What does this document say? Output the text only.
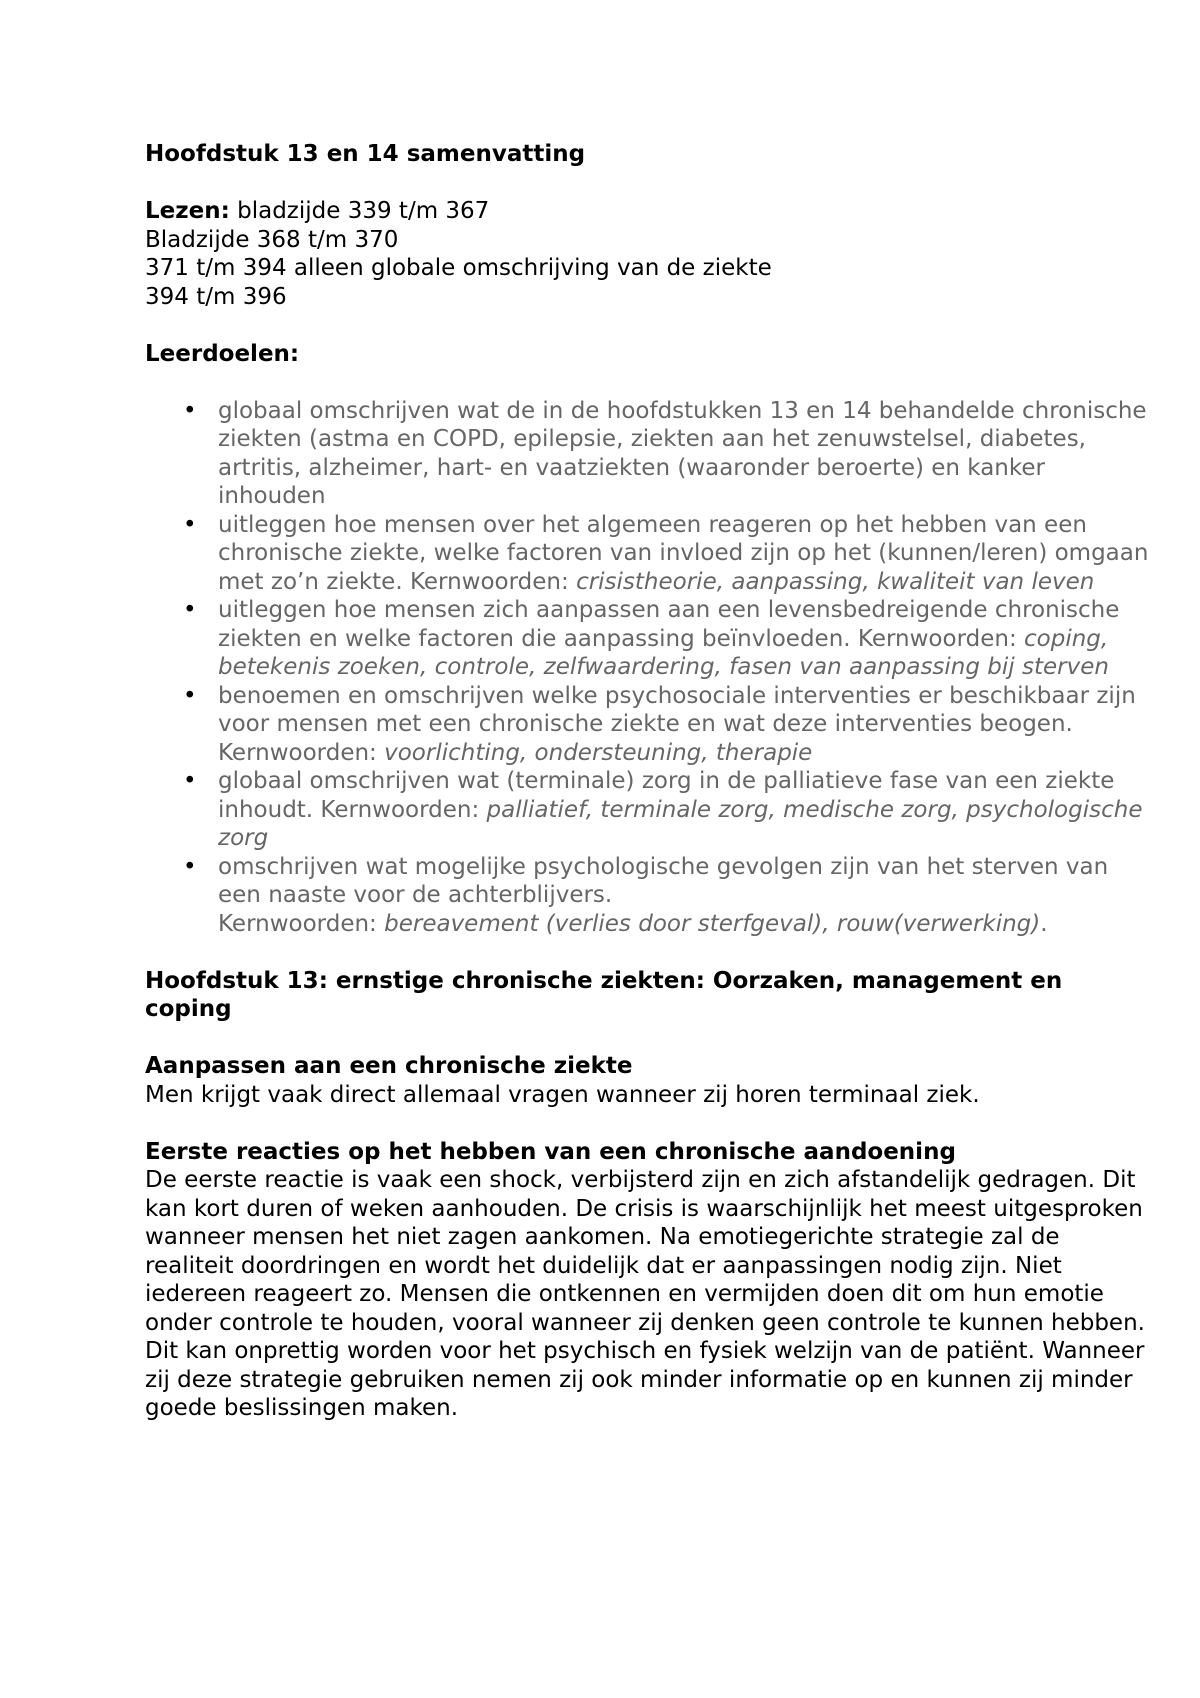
Hoofdstuk 13 en 14 samenvatting

Lezen: bladzijde 339 t/m 367

Bladzijde 368 t/m 370

371 t/m 394 alleen globale omschrijving van de ziekte

394 t/m 396

Leerdoelen:

• globaal omschrijven wat de in de hoofdstukken 13 en 14 behandelde chronische ziekten (astma en COPD, epilepsie, ziekten aan het zenuwstelsel, diabetes, artritis, alzheimer, hart- en vaatziekten (waaronder beroerte) en kanker inhouden
• uitleggen hoe mensen over het algemeen reageren op het hebben van een chronische ziekte, welke factoren van invloed zijn op het (kunnen/leren) omgaan met zo’n ziekte. Kernwoorden: crisistheorie, aanpassing, kwaliteit van leven
• uitleggen hoe mensen zich aanpassen aan een levensbedreigende chronische ziekten en welke factoren die aanpassing beïnvloeden. Kernwoorden: coping, betekenis zoeken, controle, zelfwaardering, fasen van aanpassing bij sterven
• benoemen en omschrijven welke psychosociale interventies er beschikbaar zijn voor mensen met een chronische ziekte en wat deze interventies beogen. Kernwoorden: voorlichting, ondersteuning, therapie
• globaal omschrijven wat (terminale) zorg in de palliatieve fase van een ziekte inhoudt. Kernwoorden: palliatief, terminale zorg, medische zorg, psychologische zorg
• omschrijven wat mogelijke psychologische gevolgen zijn van het sterven van een naaste voor de achterblijvers.
Kernwoorden: bereavement (verlies door sterfgeval), rouw(verwerking).

Hoofdstuk 13: ernstige chronische ziekten: Oorzaken, management en coping

Aanpassen aan een chronische ziekte

Men krijgt vaak direct allemaal vragen wanneer zij horen terminaal ziek.

Eerste reacties op het hebben van een chronische aandoening

De eerste reactie is vaak een shock, verbijsterd zijn en zich afstandelijk gedragen. Dit kan kort duren of weken aanhouden. De crisis is waarschijnlijk het meest uitgesproken wanneer mensen het niet zagen aankomen. Na emotiegerichte strategie zal de realiteit doordringen en wordt het duidelijk dat er aanpassingen nodig zijn. Niet iedereen reageert zo. Mensen die ontkennen en vermijden doen dit om hun emotie onder controle te houden, vooral wanneer zij denken geen controle te kunnen hebben. Dit kan onprettig worden voor het psychisch en fysiek welzijn van de patiënt. Wanneer zij deze strategie gebruiken nemen zij ook minder informatie op en kunnen zij minder goede beslissingen maken.
